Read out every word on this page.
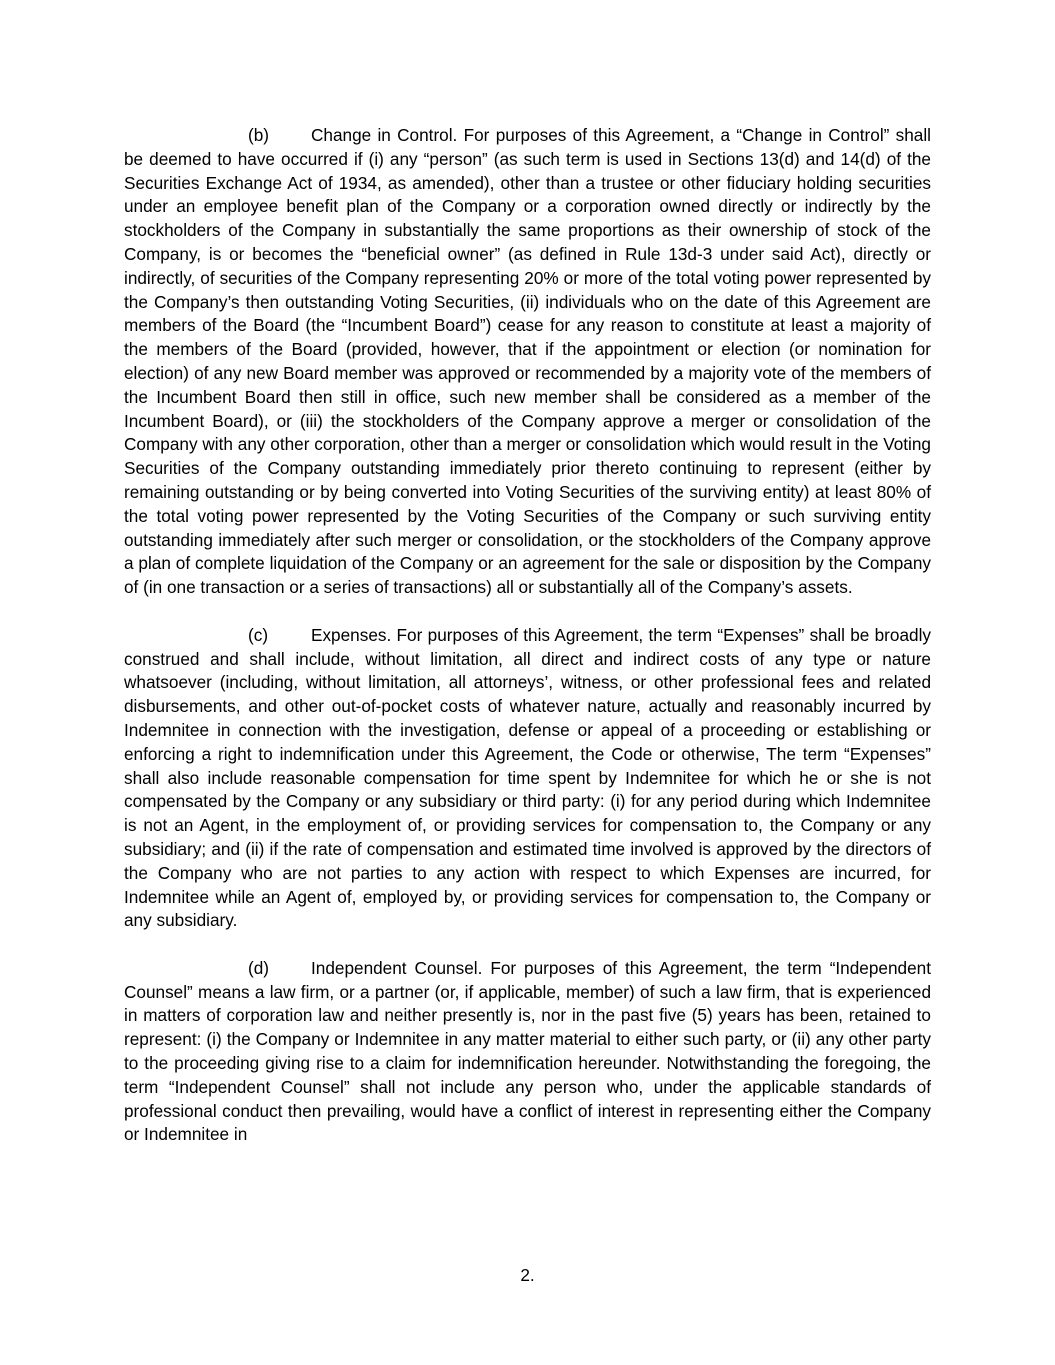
(b) Change in Control. For purposes of this Agreement, a “Change in Control” shall be deemed to have occurred if (i) any “person” (as such term is used in Sections 13(d) and 14(d) of the Securities Exchange Act of 1934, as amended), other than a trustee or other fiduciary holding securities under an employee benefit plan of the Company or a corporation owned directly or indirectly by the stockholders of the Company in substantially the same proportions as their ownership of stock of the Company, is or becomes the “beneficial owner” (as defined in Rule 13d-3 under said Act), directly or indirectly, of securities of the Company representing 20% or more of the total voting power represented by the Company’s then outstanding Voting Securities, (ii) individuals who on the date of this Agreement are members of the Board (the “Incumbent Board”) cease for any reason to constitute at least a majority of the members of the Board (provided, however, that if the appointment or election (or nomination for election) of any new Board member was approved or recommended by a majority vote of the members of the Incumbent Board then still in office, such new member shall be considered as a member of the Incumbent Board), or (iii) the stockholders of the Company approve a merger or consolidation of the Company with any other corporation, other than a merger or consolidation which would result in the Voting Securities of the Company outstanding immediately prior thereto continuing to represent (either by remaining outstanding or by being converted into Voting Securities of the surviving entity) at least 80% of the total voting power represented by the Voting Securities of the Company or such surviving entity outstanding immediately after such merger or consolidation, or the stockholders of the Company approve a plan of complete liquidation of the Company or an agreement for the sale or disposition by the Company of (in one transaction or a series of transactions) all or substantially all of the Company’s assets.

(c) Expenses. For purposes of this Agreement, the term “Expenses” shall be broadly construed and shall include, without limitation, all direct and indirect costs of any type or nature whatsoever (including, without limitation, all attorneys’, witness, or other professional fees and related disbursements, and other out-of-pocket costs of whatever nature, actually and reasonably incurred by Indemnitee in connection with the investigation, defense or appeal of a proceeding or establishing or enforcing a right to indemnification under this Agreement, the Code or otherwise, The term “Expenses” shall also include reasonable compensation for time spent by Indemnitee for which he or she is not compensated by the Company or any subsidiary or third party: (i) for any period during which Indemnitee is not an Agent, in the employment of, or providing services for compensation to, the Company or any subsidiary; and (ii) if the rate of compensation and estimated time involved is approved by the directors of the Company who are not parties to any action with respect to which Expenses are incurred, for Indemnitee while an Agent of, employed by, or providing services for compensation to, the Company or any subsidiary.

(d) Independent Counsel. For purposes of this Agreement, the term “Independent Counsel” means a law firm, or a partner (or, if applicable, member) of such a law firm, that is experienced in matters of corporation law and neither presently is, nor in the past five (5) years has been, retained to represent: (i) the Company or Indemnitee in any matter material to either such party, or (ii) any other party to the proceeding giving rise to a claim for indemnification hereunder. Notwithstanding the foregoing, the term “Independent Counsel” shall not include any person who, under the applicable standards of professional conduct then prevailing, would have a conflict of interest in representing either the Company or Indemnitee in

2.
